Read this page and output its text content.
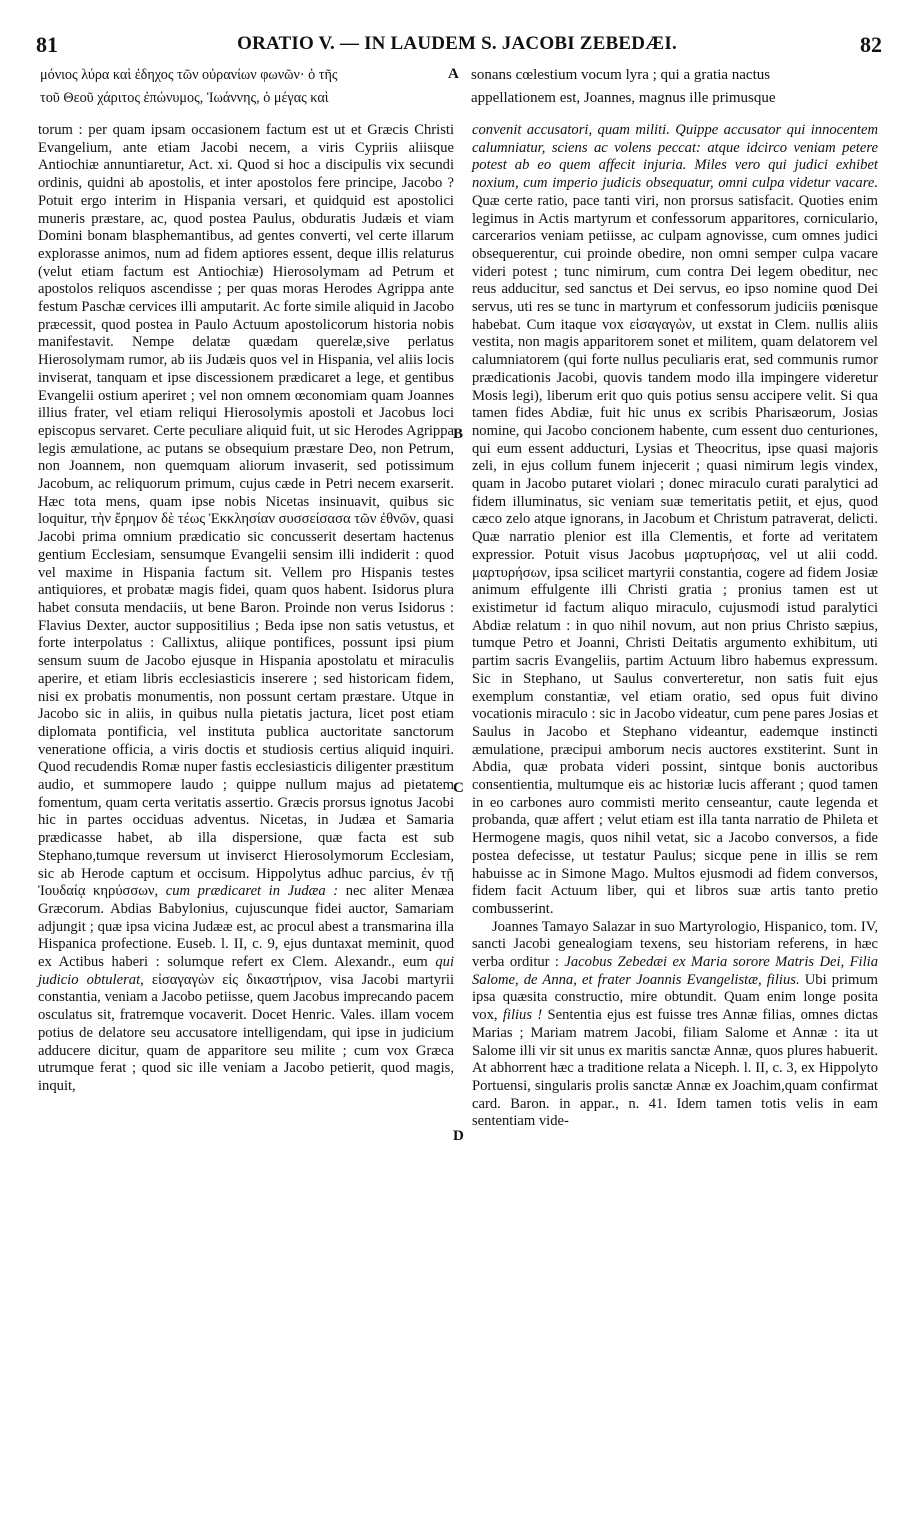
81	ORATIO V. — IN LAUDEM S. JACOBI ZEBEDÆI.	82
μόνιος λύρα καὶ ἐδηχος τῶν οὐρανίων φωνῶν· ὁ τῆς
τοῦ Θεοῦ χάριτος ἐπώνυμος, Ἰωάννης, ὁ μέγας καὶ
A sonans cœlestium vocum lyra ; qui a gratia nactus
appellationem est, Joannes, magnus ille primusque

torum : per quam ipsam occasionem factum est ut et Græcis Christi Evangelium, ante etiam Jacobi necem, a viris Cypriis aliisque Antiochiæ annuntiaretur, Act. xi. Quod si hoc a discipulis vix secundi ordinis, quidni ab apostolis, et inter apostolos fere principe, Jacobo ? Potuit ergo interim in Hispania versari, et quidquid est apostolici muneris præstare, ac, quod postea Paulus, obduratis Judæis et viam Domini bonam blasphemantibus, ad gentes converti, vel certe illarum explorasse animos, num ad fidem aptiores essent, deque illis relaturus (velut etiam factum est Antiochiæ) Hierosolymam ad Petrum et apostolos reliquos ascendisse ; per quas moras Herodes Agrippa ante festum Paschæ cervices illi amputarit. Ac forte simile aliquid in Jacobo præcessit, quod postea in Paulo Actuum apostolicorum historia nobis manifestavit. Nempe delatæ quædam querelæ,sive perlatus Hierosolymam rumor, ab iis Judæis quos vel in Hispania, vel aliis locis inviserat, tanquam et ipse discessionem prædicaret a lege, et gentibus Evangelii ostium aperiret ; vel non omnem œconomiam quam Joannes illius frater, vel etiam reliqui Hierosolymis apostoli et Jacobus loci episcopus servaret. Certe peculiare aliquid fuit, ut sic Herodes Agrippa legis æmulatione, ac putans se obsequium præstare Deo, non Petrum, non Joannem, non quemquam aliorum invaserit, sed potissimum Jacobum, ac reliquorum primum, cujus cæde in Petri necem exarserit. Hæc tota mens, quam ipse nobis Nicetas insinuavit, quibus sic loquitur, τὴν ἔρημον δὲ τέως Ἐκκλησίαν συσσείσασα τῶν ἐθνῶν, quasi Jacobi prima omnium prædicatio sic concusserit desertam hactenus gentium Ecclesiam, sensumque Evangelii sensim illi indiderit : quod vel maxime in Hispania factum sit. Vellem pro Hispanis testes antiquiores, et probatæ magis fidei, quam quos habent. Isidorus plura habet consuta mendaciis, ut bene Baron. Proinde non verus Isidorus : Flavius Dexter, auctor suppositilius ; Beda ipse non satis vetustus, et forte interpolatus : Callixtus, aliique pontifices, possunt ipsi pium sensum suum de Jacobo ejusque in Hispania apostolatu et miraculis aperire, et etiam libris ecclesiasticis inserere ; sed historicam fidem, nisi ex probatis monumentis, non possunt certam præstare. Utque in Jacobo sic in aliis, in quibus nulla pietatis jactura, licet post etiam diplomata pontificia, vel instituta publica auctoritate sanctorum veneratione officia, a viris doctis et studiosis certius aliquid inquiri. Quod recudendis Romæ nuper fastis ecclesiasticis diligenter præstitum audio, et summopere laudo ; quippe nullum majus ad pietatem fomentum, quam certa veritatis assertio. Græcis prorsus ignotus Jacobi hic in partes occiduas adventus. Nicetas, in Judæa et Samaria prædicasse habet, ab illa dispersione, quæ facta est sub Stephano,tumque reversum ut inviserct Hierosolymorum Ecclesiam, sic ab Herode captum et occisum. Hippolytus adhuc parcius, ἐν τῇ Ἰουδαίᾳ κηρύσσων, cum prædicaret in Judæa : nec aliter Menæa Græcorum. Abdias Babylonius, cujuscunque fidei auctor, Samariam adjungit ; quæ ipsa vicina Judææ est, ac procul abest a transmarina illa Hispanica profectione. Euseb. l. II, c. 9, ejus duntaxat meminit, quod ex Actibus haberi : solumque refert ex Clem. Alexandr., eum qui judicio obtulerat, εἰσαγαγὼν εἰς δικαστήριον, visa Jacobi martyrii constantia, veniam a Jacobo petiisse, quem Jacobus imprecando pacem osculatus sit, fratremque vocaverit. Docet Henric. Vales. illam vocem potius de delatore seu accusatore intelligendam, qui ipse in judicium adducere dicitur, quam de apparitore seu milite ; cum vox Græca utrumque ferat ; quod sic ille veniam a Jacobo petierit, quod magis, inquit,

B
C
D

convenit accusatori, quam militi. Quippe accusator qui innocentem calumniatur, sciens ac volens peccat: atque idcirco veniam petere potest ab eo quem affecit injuria. Miles vero qui judici exhibet noxium, cum imperio judicis obsequatur, omni culpa videtur vacare. Quæ certe ratio, pace tanti viri, non prorsus satisfacit. Quoties enim legimus in Actis martyrum et confessorum apparitores, corniculario, carcerarios veniam petiisse, ac culpam agnovisse, cum omnes judici obsequerentur, cui proinde obedire, non omni semper culpa vacare videri potest ; tunc nimirum, cum contra Dei legem obeditur, nec reus adducitur, sed sanctus et Dei servus, eo ipso nomine quod Dei servus, uti res se tunc in martyrum et confessorum judiciis pœnisque habebat. Cum itaque vox εἰσαγαγὼν, ut exstat in Clem. nullis aliis vestita, non magis apparitorem sonet et militem, quam delatorem vel calumniatorem (qui forte nullus peculiaris erat, sed communis rumor prædicationis Jacobi, quovis tandem modo illa impingere videretur Mosis legi), liberum erit quo quis potius sensu accipere velit. Si qua tamen fides Abdiæ, fuit hic unus ex scribis Pharisæorum, Josias nomine, qui Jacobo concionem habente, cum essent duo centuriones, qui eum essent adducturi, Lysias et Theocritus, ipse quasi majoris zeli, in ejus collum funem injecerit ; quasi nimirum legis vindex, quam in Jacobo putaret violari ; donec miraculo curati paralytici ad fidem illuminatus, sic veniam suæ temeritatis petiit, et ejus, quod cæco zelo atque ignorans, in Jacobum et Christum patraverat, delicti. Quæ narratio plenior est illa Clementis, et forte ad veritatem expressior. Potuit visus Jacobus μαρτυρήσας, vel ut alii codd. μαρτυρήσων, ipsa scilicet martyrii constantia, cogere ad fidem Josiæ animum effulgente illi Christi gratia ; pronius tamen est ut existimetur id factum aliquo miraculo, cujusmodi istud paralytici Abdiæ relatum : in quo nihil novum, aut non prius Christo sæpius, tumque Petro et Joanni, Christi Deitatis argumento exhibitum, uti partim sacris Evangeliis, partim Actuum libro habemus expressum. Sic in Stephano, ut Saulus converteretur, non satis fuit ejus exemplum constantiæ, vel etiam oratio, sed opus fuit divino vocationis miraculo : sic in Jacobo videatur, cum pene pares Josias et Saulus in Jacobo et Stephano videantur, eademque instincti æmulatione, præcipui amborum necis auctores exstiterint. Sunt in Abdia, quæ probata videri possint, sintque bonis auctoribus consentientia, multumque eis ac historiæ lucis afferant ; quod tamen in eo carbones auro commisti merito censeantur, caute legenda et probanda, quæ affert ; velut etiam est illa tanta narratio de Phileta et Hermogene magis, quos nihil vetat, sic a Jacobo conversos, a fide postea defecisse, ut testatur Paulus; sicque pene in illis se rem habuisse ac in Simone Mago. Multos ejusmodi ad fidem conversos, fidem facit Actuum liber, qui et libros suæ artis tanto pretio combusserint.

Joannes Tamayo Salazar in suo Martyrologio, Hispanico, tom. IV, sancti Jacobi genealogiam texens, seu historiam referens, in hæc verba orditur : Jacobus Zebedæi ex Maria sorore Matris Dei, Filia Salome, de Anna, et frater Joannis Evangelistæ, filius. Ubi primum ipsa quæsita constructio, mire obtundit. Quam enim longe posita vox, filius ! Sententia ejus est fuisse tres Annæ filias, omnes dictas Marias ; Mariam matrem Jacobi, filiam Salome et Annæ : ita ut Salome illi vir sit unus ex maritis sanctæ Annæ, quos plures habuerit. At abhorrent hæc a traditione relata a Niceph. l. II, c. 3, ex Hippolyto Portuensi, singularis prolis sanctæ Annæ ex Joachim,quam confirmat card. Baron. in appar., n. 41. Idem tamen totis velis in eam sententiam vide-
